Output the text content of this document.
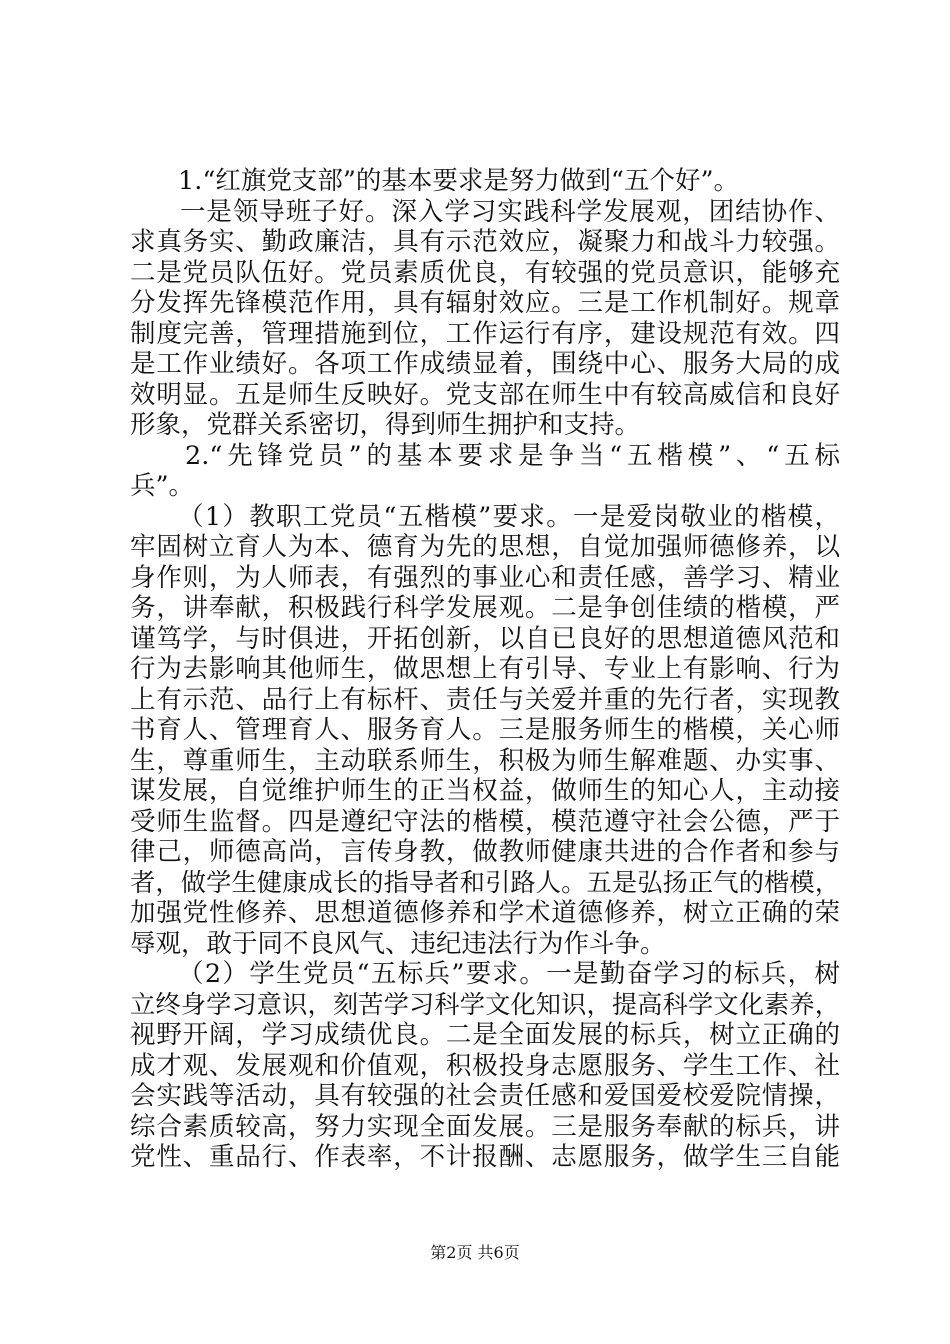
1.“红旗党支部”的基本要求是努力做到“五个好”。
一是领导班子好。深入学习实践科学发展观，团结协作、
求真务实、勤政廉洁，具有示范效应，凝聚力和战斗力较强。
二是党员队伍好。党员素质优良，有较强的党员意识，能够充
分发挥先锋模范作用，具有辐射效应。三是工作机制好。规章
制度完善，管理措施到位，工作运行有序，建设规范有效。四
是工作业绩好。各项工作成绩显着，围绕中心、服务大局的成
效明显。五是师生反映好。党支部在师生中有较高威信和良好
形象，党群关系密切，得到师生拥护和支持。
2.“先锋党员”的基本要求是争当“五楷模”、“五标
兵”。
（1）教职工党员“五楷模”要求。一是爱岗敬业的楷模，
牢固树立育人为本、德育为先的思想，自觉加强师德修养，以
身作则，为人师表，有强烈的事业心和责任感，善学习、精业
务，讲奉献，积极践行科学发展观。二是争创佳绩的楷模，严
谨笃学，与时俱进，开拓创新，以自已良好的思想道德风范和
行为去影响其他师生，做思想上有引导、专业上有影响、行为
上有示范、品行上有标杆、责任与关爱并重的先行者，实现教
书育人、管理育人、服务育人。三是服务师生的楷模，关心师
生，尊重师生，主动联系师生，积极为师生解难题、办实事、
谋发展，自觉维护师生的正当权益，做师生的知心人，主动接
受师生监督。四是遵纪守法的楷模，模范遵守社会公德，严于
律己，师德高尚，言传身教，做教师健康共进的合作者和参与
者，做学生健康成长的指导者和引路人。五是弘扬正气的楷模，
加强党性修养、思想道德修养和学术道德修养，树立正确的荣
辱观，敢于同不良风气、违纪违法行为作斗争。
（2）学生党员“五标兵”要求。一是勤奋学习的标兵，树
立终身学习意识，刻苦学习科学文化知识，提高科学文化素养，
视野开阔，学习成绩优良。二是全面发展的标兵，树立正确的
成才观、发展观和价值观，积极投身志愿服务、学生工作、社
会实践等活动，具有较强的社会责任感和爱国爱校爱院情操，
综合素质较高，努力实现全面发展。三是服务奉献的标兵，讲
党性、重品行、作表率，不计报酬、志愿服务，做学生三自能
第2页 共6页
